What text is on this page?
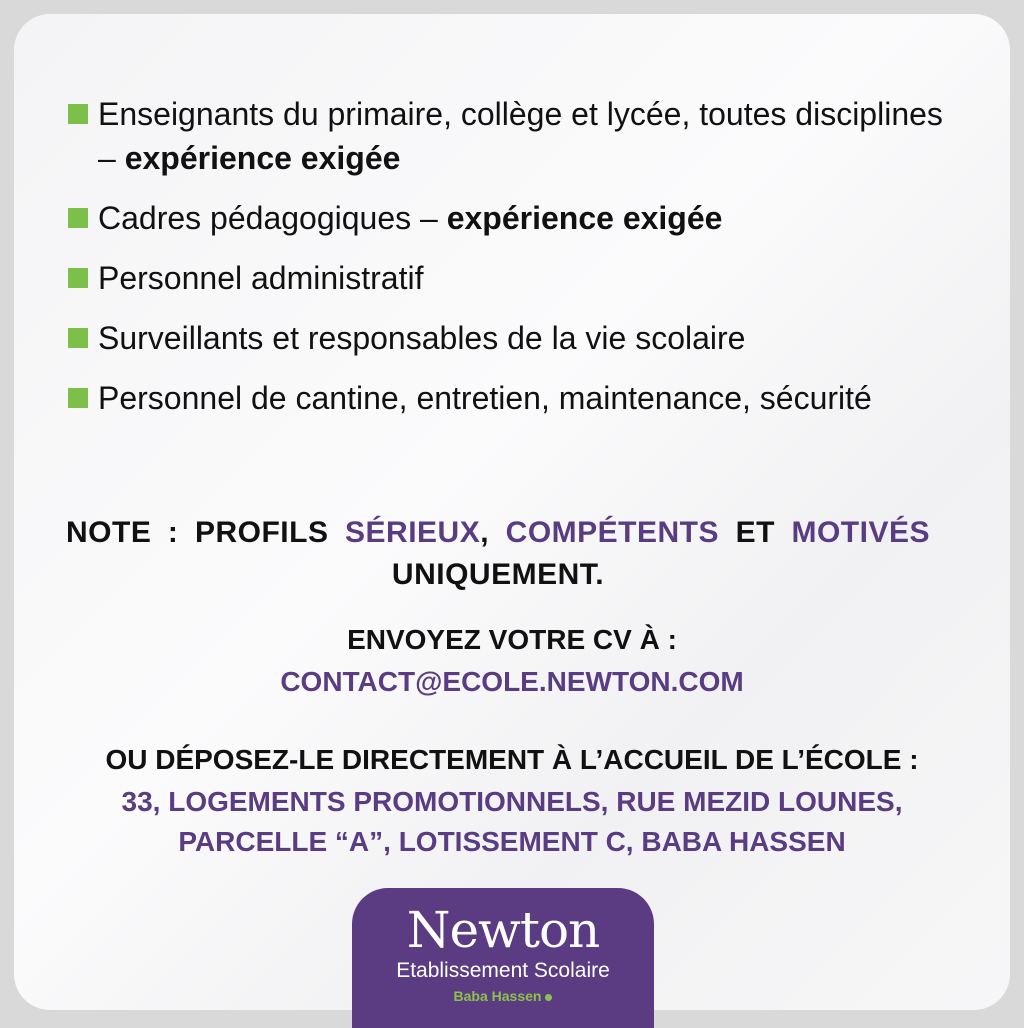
Enseignants du primaire, collège et lycée, toutes disciplines – expérience exigée
Cadres pédagogiques – expérience exigée
Personnel administratif
Surveillants et responsables de la vie scolaire
Personnel de cantine, entretien, maintenance, sécurité
NOTE : PROFILS SÉRIEUX, COMPÉTENTS ET MOTIVÉS UNIQUEMENT.
ENVOYEZ VOTRE CV À :
CONTACT@ECOLE.NEWTON.COM
OU DÉPOSEZ-LE DIRECTEMENT À L’ACCUEIL DE L’ÉCOLE :
33, LOGEMENTS PROMOTIONNELS, RUE MEZID LOUNES,
PARCELLE “A”, LOTISSEMENT C, BABA HASSEN
Newton
Etablissement Scolaire
Baba Hassen
